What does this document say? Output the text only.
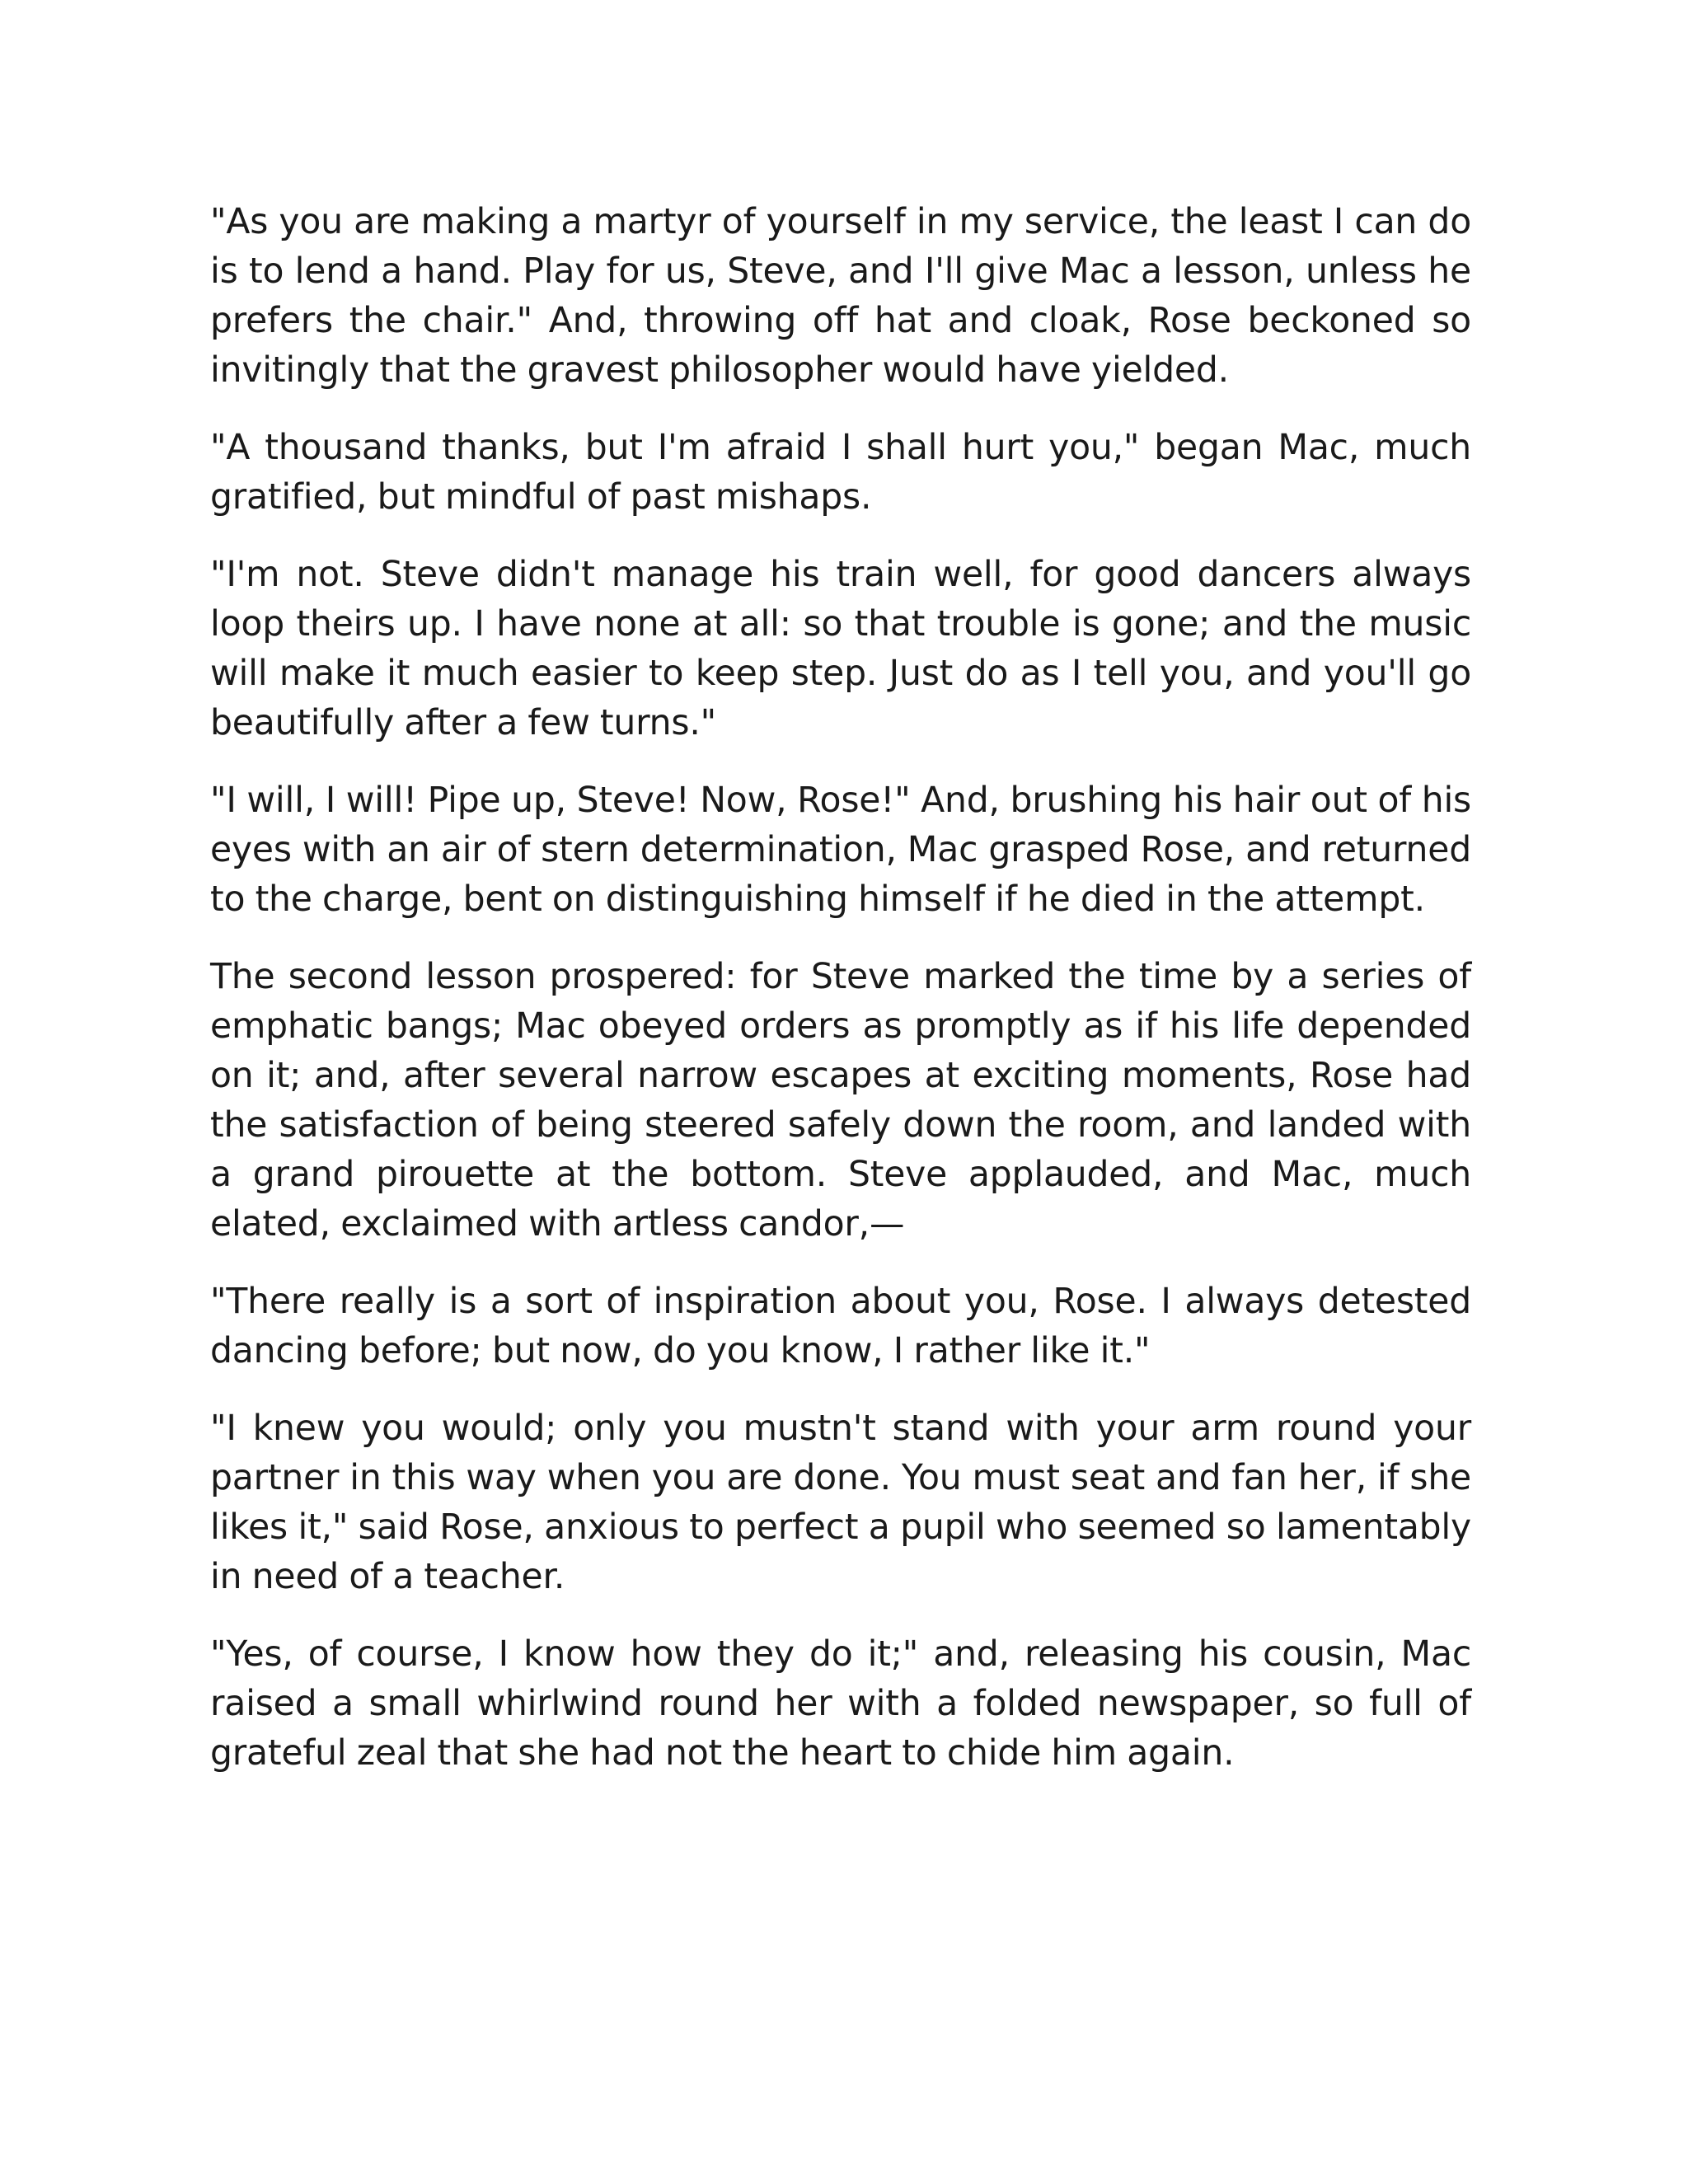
"As you are making a martyr of yourself in my service, the least I can do is to lend a hand. Play for us, Steve, and I'll give Mac a lesson, unless he prefers the chair." And, throwing off hat and cloak, Rose beckoned so invitingly that the gravest philosopher would have yielded.

"A thousand thanks, but I'm afraid I shall hurt you," began Mac, much gratified, but mindful of past mishaps.

"I'm not. Steve didn't manage his train well, for good dancers always loop theirs up. I have none at all: so that trouble is gone; and the music will make it much easier to keep step. Just do as I tell you, and you'll go beautifully after a few turns."

"I will, I will! Pipe up, Steve! Now, Rose!" And, brushing his hair out of his eyes with an air of stern determination, Mac grasped Rose, and returned to the charge, bent on distinguishing himself if he died in the attempt.

The second lesson prospered: for Steve marked the time by a series of emphatic bangs; Mac obeyed orders as promptly as if his life depended on it; and, after several narrow escapes at exciting moments, Rose had the satisfaction of being steered safely down the room, and landed with a grand pirouette at the bottom. Steve applauded, and Mac, much elated, exclaimed with artless candor,—

"There really is a sort of inspiration about you, Rose. I always detested dancing before; but now, do you know, I rather like it."

"I knew you would; only you mustn't stand with your arm round your partner in this way when you are done. You must seat and fan her, if she likes it," said Rose, anxious to perfect a pupil who seemed so lamentably in need of a teacher.

"Yes, of course, I know how they do it;" and, releasing his cousin, Mac raised a small whirlwind round her with a folded newspaper, so full of grateful zeal that she had not the heart to chide him again.
